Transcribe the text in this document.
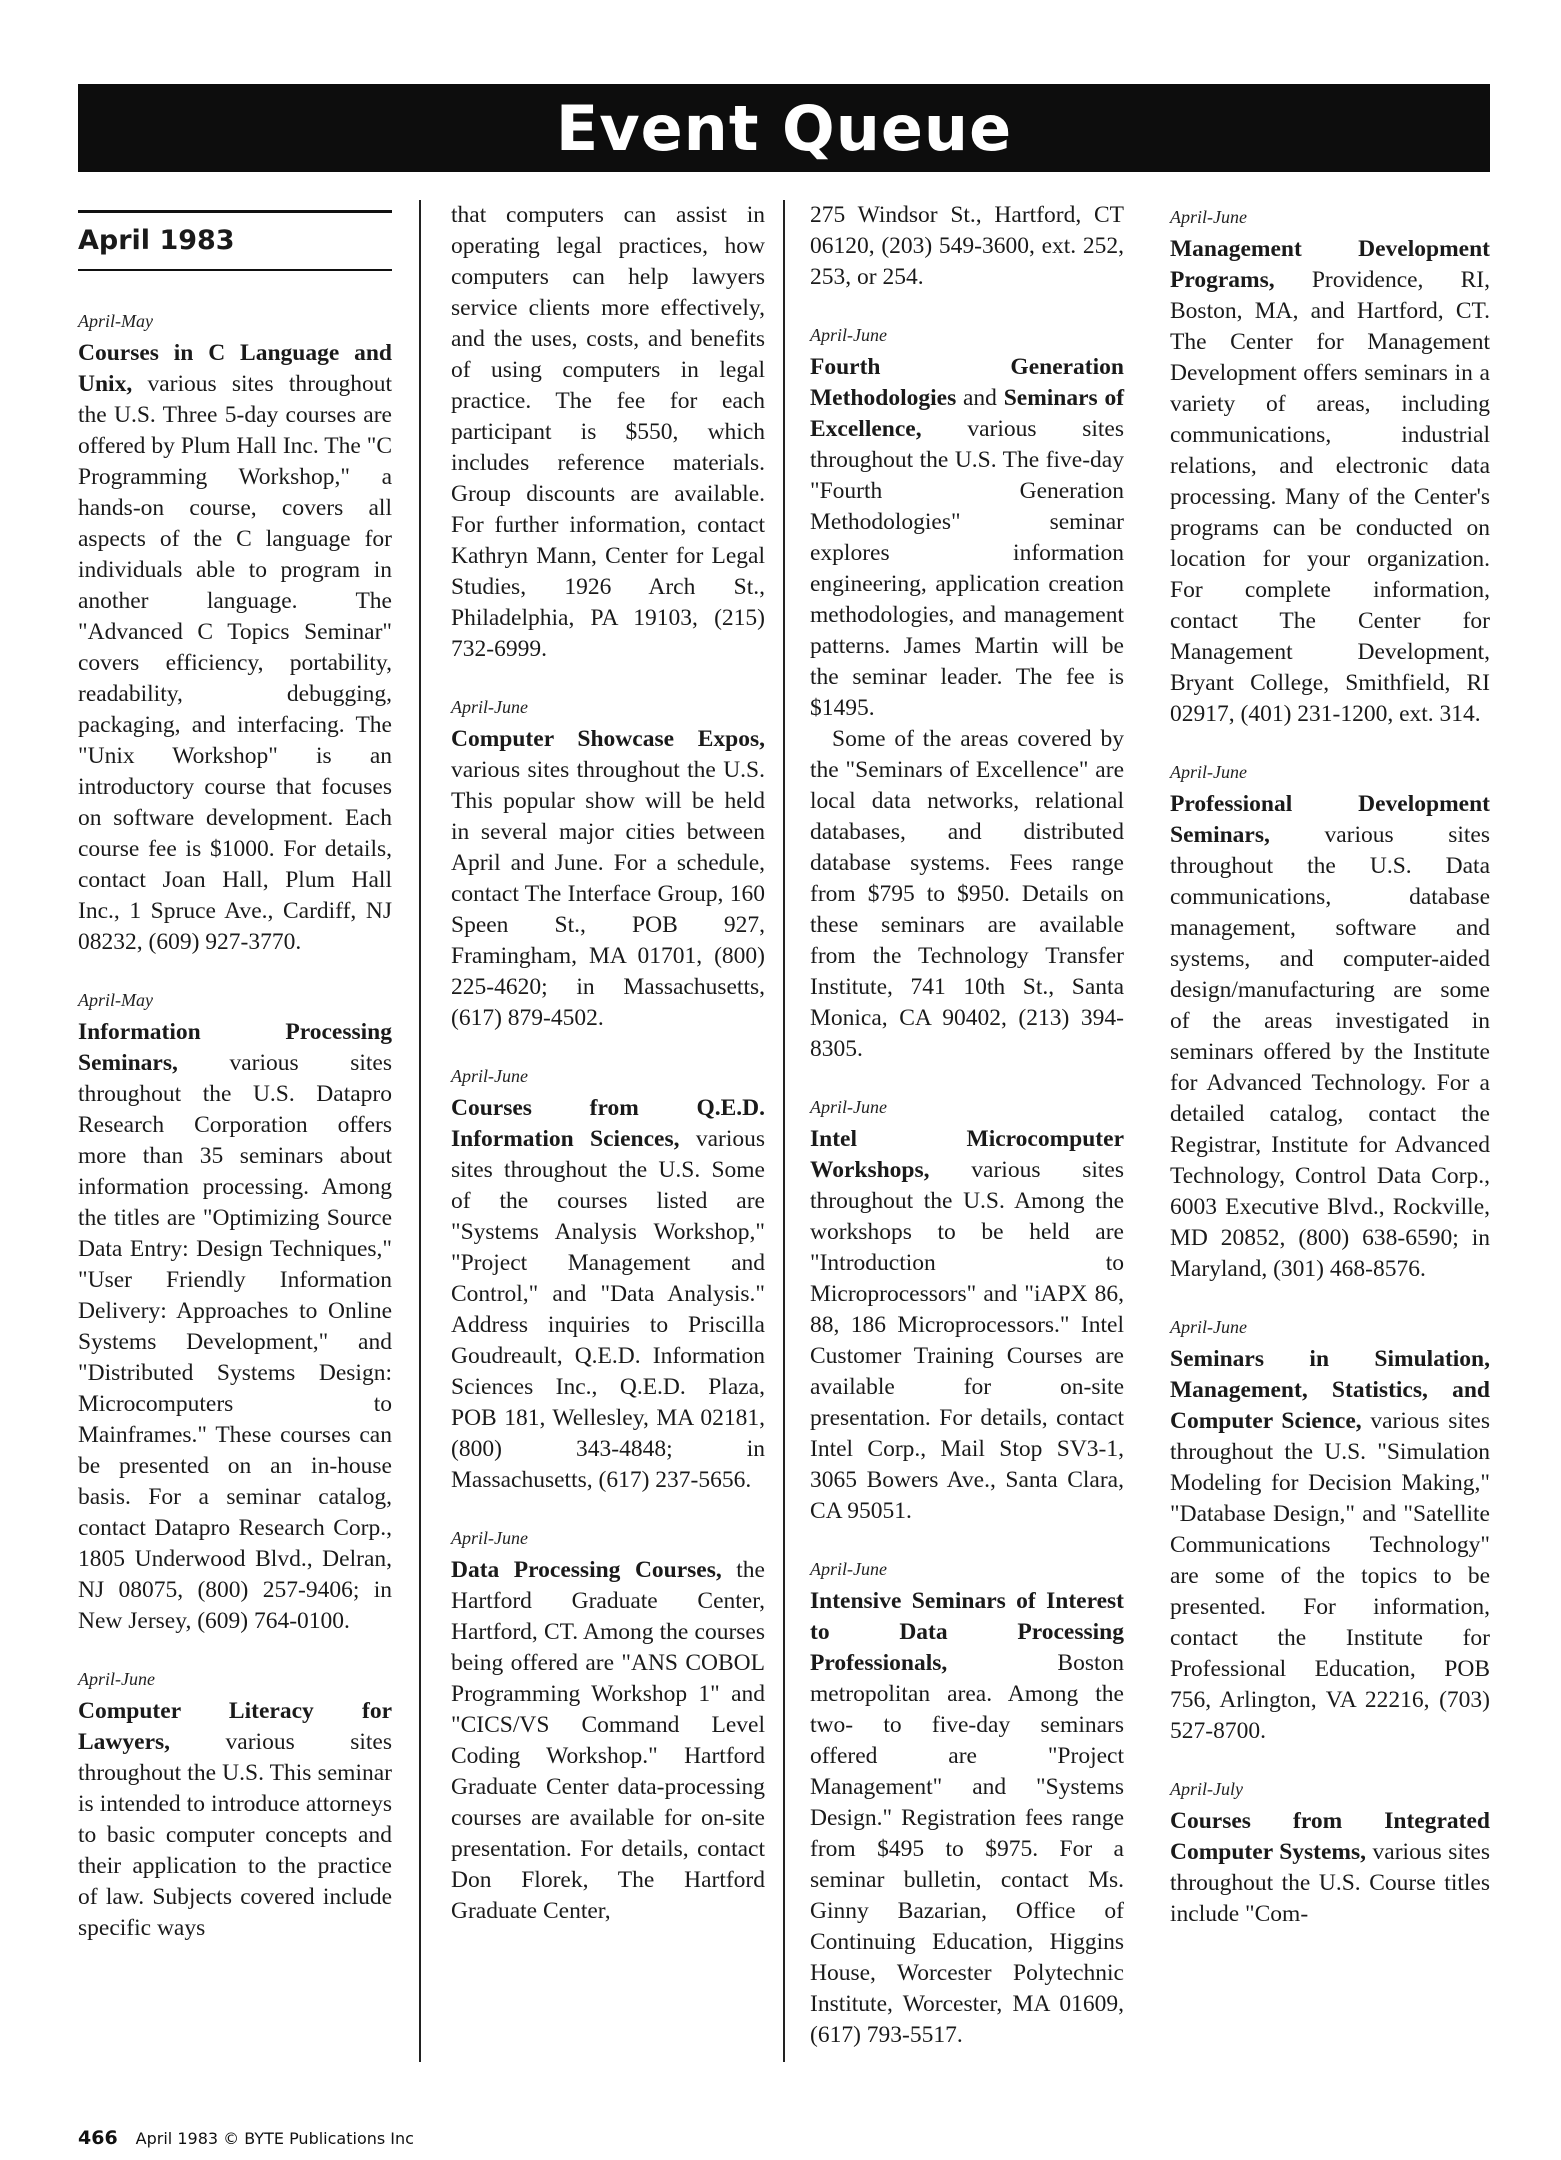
Event Queue
April 1983
April-May
Courses in C Language and Unix, various sites throughout the U.S. Three 5-day courses are offered by Plum Hall Inc. The "C Programming Workshop," a hands-on course, covers all aspects of the C language for individuals able to program in another language. The "Advanced C Topics Seminar" covers efficiency, portability, readability, debugging, packaging, and interfacing. The "Unix Workshop" is an introductory course that focuses on software development. Each course fee is $1000. For details, contact Joan Hall, Plum Hall Inc., 1 Spruce Ave., Cardiff, NJ 08232, (609) 927-3770.
April-May
Information Processing Seminars, various sites throughout the U.S. Datapro Research Corporation offers more than 35 seminars about information processing. Among the titles are "Optimizing Source Data Entry: Design Techniques," "User Friendly Information Delivery: Approaches to Online Systems Development," and "Distributed Systems Design: Microcomputers to Mainframes." These courses can be presented on an in-house basis. For a seminar catalog, contact Datapro Research Corp., 1805 Underwood Blvd., Delran, NJ 08075, (800) 257-9406; in New Jersey, (609) 764-0100.
April-June
Computer Literacy for Lawyers, various sites throughout the U.S. This seminar is intended to introduce attorneys to basic computer concepts and their application to the practice of law. Subjects covered include specific ways
that computers can assist in operating legal practices, how computers can help lawyers service clients more effectively, and the uses, costs, and benefits of using computers in legal practice. The fee for each participant is $550, which includes reference materials. Group discounts are available. For further information, contact Kathryn Mann, Center for Legal Studies, 1926 Arch St., Philadelphia, PA 19103, (215) 732-6999.
April-June
Computer Showcase Expos, various sites throughout the U.S. This popular show will be held in several major cities between April and June. For a schedule, contact The Interface Group, 160 Speen St., POB 927, Framingham, MA 01701, (800) 225-4620; in Massachusetts, (617) 879-4502.
April-June
Courses from Q.E.D. Information Sciences, various sites throughout the U.S. Some of the courses listed are "Systems Analysis Workshop," "Project Management and Control," and "Data Analysis." Address inquiries to Priscilla Goudreault, Q.E.D. Information Sciences Inc., Q.E.D. Plaza, POB 181, Wellesley, MA 02181, (800) 343-4848; in Massachusetts, (617) 237-5656.
April-June
Data Processing Courses, the Hartford Graduate Center, Hartford, CT. Among the courses being offered are "ANS COBOL Programming Workshop 1" and "CICS/VS Command Level Coding Workshop." Hartford Graduate Center data-processing courses are available for on-site presentation. For details, contact Don Florek, The Hartford Graduate Center,
275 Windsor St., Hartford, CT 06120, (203) 549-3600, ext. 252, 253, or 254.
April-June
Fourth Generation Methodologies and Seminars of Excellence, various sites throughout the U.S. The five-day "Fourth Generation Methodologies" seminar explores information engineering, application creation methodologies, and management patterns. James Martin will be the seminar leader. The fee is $1495.
Some of the areas covered by the "Seminars of Excellence" are local data networks, relational databases, and distributed database systems. Fees range from $795 to $950. Details on these seminars are available from the Technology Transfer Institute, 741 10th St., Santa Monica, CA 90402, (213) 394-8305.
April-June
Intel Microcomputer Workshops, various sites throughout the U.S. Among the workshops to be held are "Introduction to Microprocessors" and "iAPX 86, 88, 186 Microprocessors." Intel Customer Training Courses are available for on-site presentation. For details, contact Intel Corp., Mail Stop SV3-1, 3065 Bowers Ave., Santa Clara, CA 95051.
April-June
Intensive Seminars of Interest to Data Processing Professionals,	Boston metropolitan area. Among the two- to five-day seminars offered are "Project Management" and "Systems Design." Registration fees range from $495 to $975. For a seminar bulletin, contact Ms. Ginny Bazarian, Office of Continuing Education, Higgins House, Worcester Polytechnic Institute, Worcester, MA 01609, (617) 793-5517.
April-June
Management Development Programs, Providence, RI, Boston, MA, and Hartford, CT. The Center for Management Development offers seminars in a variety of areas, including communications, industrial relations, and electronic data processing. Many of the Center's programs can be conducted on location for your organization. For complete information, contact The Center for Management Development, Bryant College, Smithfield, RI 02917, (401) 231-1200, ext. 314.
April-June
Professional Development Seminars, various sites throughout the U.S. Data communications, database management, software and systems, and computer-aided design/manufacturing are some of the areas investigated in seminars offered by the Institute for Advanced Technology. For a detailed catalog, contact the Registrar, Institute for Advanced Technology, Control Data Corp., 6003 Executive Blvd., Rockville, MD 20852, (800) 638-6590; in Maryland, (301) 468-8576.
April-June
Seminars in Simulation, Management, Statistics, and Computer Science, various sites throughout the U.S. "Simulation Modeling for Decision Making," "Database Design," and "Satellite Communications Technology" are some of the topics to be presented. For information, contact the Institute for Professional Education, POB 756, Arlington, VA 22216, (703) 527-8700.
April-July
Courses from Integrated Computer Systems, various sites throughout the U.S. Course titles include "Com-
466 April 1983 © BYTE Publications Inc
